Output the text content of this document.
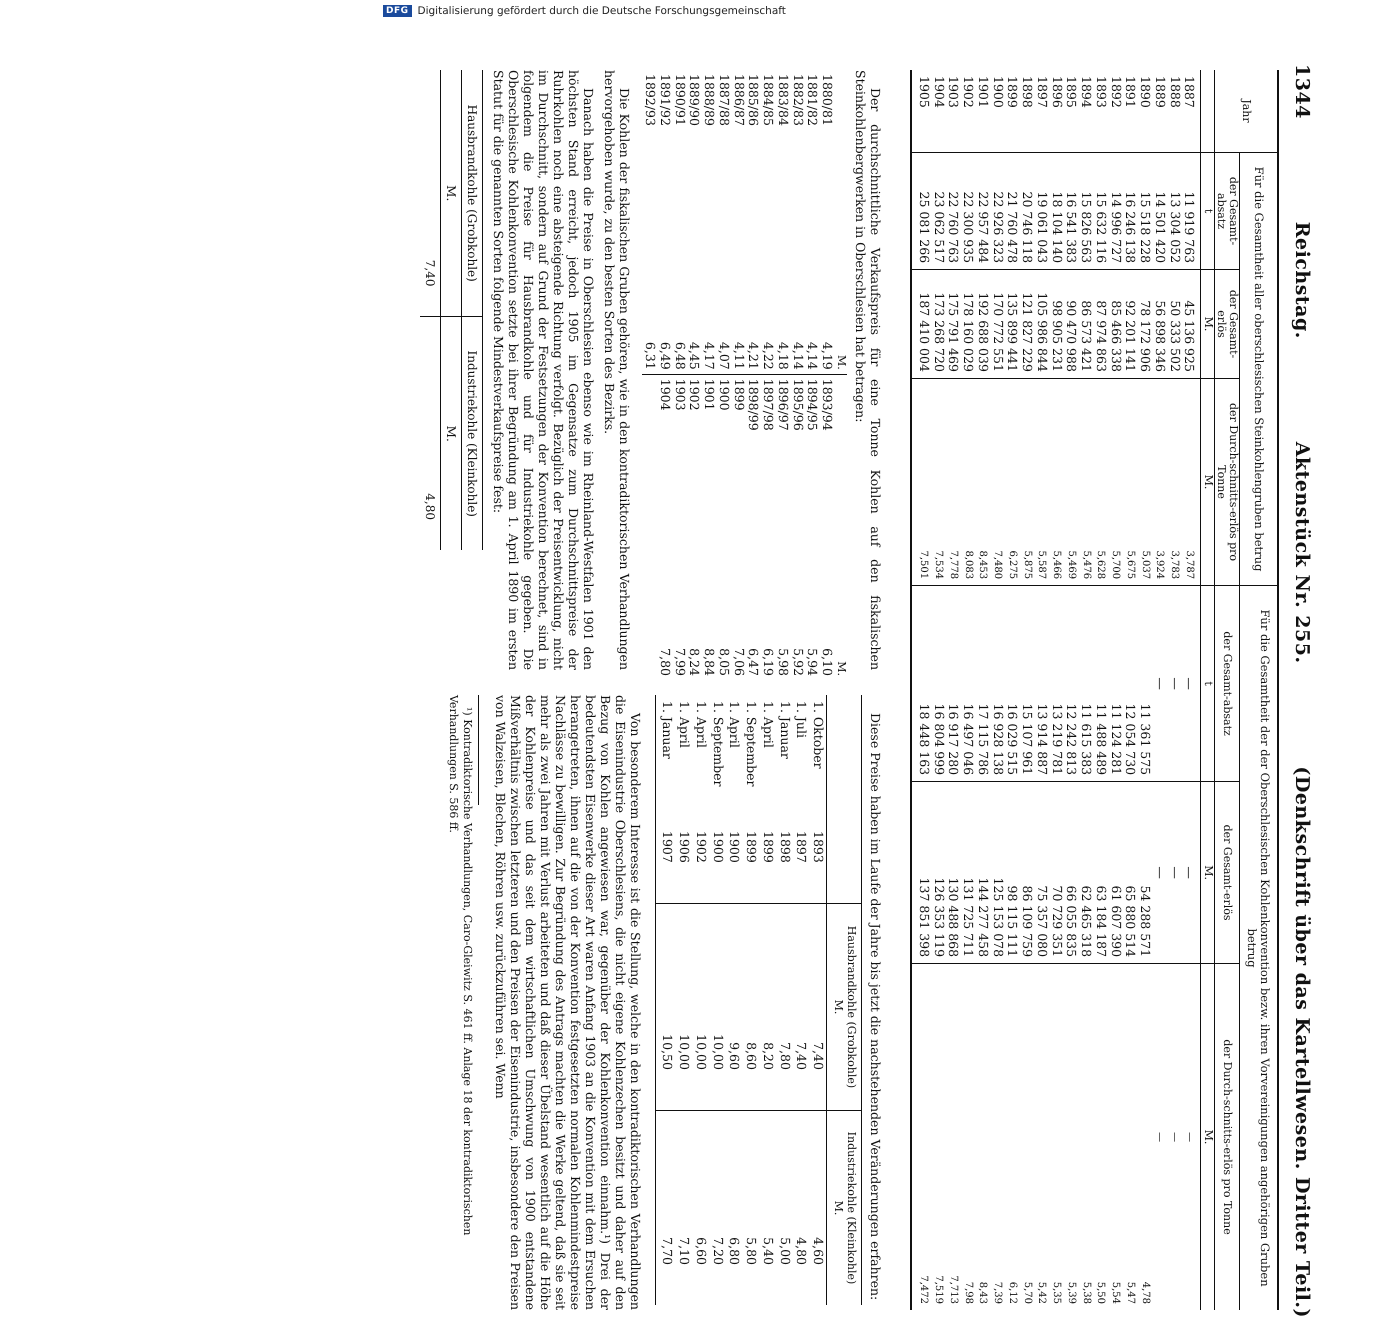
1344
Reichstag.
Aktenstück Nr. 255.
(Denkschrift über das Kartellwesen. Dritter Teil.)
Jahr	Für die Gesamtheit aller oberschlesischen Steinkohlengruben betrug			Für die Gesamtheit der der Oberschlesischen Kohlenkonvention bezw. ihren Vorvereinigungen angehörigen Gruben betrug		
	der Gesamt-absatz	der Gesamt-erlös	der Durch-schnitts-erlös pro Tonne	der Gesamt-absatz	der Gesamt-erlös	der Durch-schnitts-erlös pro Tonne
	t	M.	M.	t	M.	M.
1887	11 919 763	45 136 925	3,787	—	—	—
1888	13 304 052	50 333 502	3,783	—	—	—
1889	14 501 420	56 898 346	3,924	—	—	—
1890	15 518 228	78 172 906	5,037	11 361 575	54 288 571	4,78
1891	16 246 138	92 201 141	5,675	12 054 730	65 880 514	5,47
1892	14 996 727	85 466 338	5,700	11 124 281	61 607 390	5,54
1893	15 632 116	87 974 863	5,628	11 488 489	63 184 187	5,50
1894	15 826 563	86 573 421	5,476	11 615 383	62 465 318	5,38
1895	16 541 383	90 470 988	5,469	12 242 813	66 055 835	5,39
1896	18 104 140	98 905 231	5,466	13 219 781	70 729 351	5,35
1897	19 061 043	105 986 844	5,587	13 914 887	75 357 080	5,42
1898	20 746 118	121 827 229	5,875	15 107 961	86 109 759	5,70
1899	21 760 478	135 899 441	6,275	16 029 515	98 115 111	6,12
1900	22 926 323	170 772 551	7,480	16 928 138	125 153 078	7,39
1901	22 957 484	192 688 039	8,453	17 115 786	144 277 458	8,43
1902	22 300 935	178 160 029	8,083	16 497 046	131 725 711	7,98
1903	22 760 763	175 791 469	7,778	16 917 280	130 488 868	7,713
1904	23 062 517	173 268 720	7,534	16 804 999	126 353 119	7,519
1905	25 081 266	187 410 004	7,501	18 448 163	137 851 398	7,472

Der durchschnittliche Verkaufspreis für eine Tonne Kohlen auf den fiskalischen Steinkohlenbergwerken in Oberschlesien hat betragen:

	M.		M.
1880/81	4,19	1893/94	6,10
1881/82	4,14	1894/95	5,94
1882/83	4,14	1895/96	5,92
1883/84	4,18	1896/97	5,98
1884/85	4,22	1897/98	6,19
1885/86	4,21	1898/99	6,47
1886/87	4,11	1899	7,06
1887/88	4,07	1900	8,05
1888/89	4,17	1901	8,84
1889/90	4,45	1902	8,24
1890/91	6,48	1903	7,99
1891/92	6,49	1904	7,80
1892/93	6,31		

Die Kohlen der fiskalischen Gruben gehören, wie in den kontradiktorischen Verhandlungen hervorgehoben wurde, zu den besten Sorten des Bezirks.

Danach haben die Preise in Oberschlesien ebenso wie im Rheinland-Westfalen 1901 den höchsten Stand erreicht, jedoch 1905 im Gegensatze zum Durchschnittspreise der Ruhrkohlen noch eine absteigende Richtung verfolgt. Bezüglich der Preisentwicklung, nicht im Durchschnitt, sondern auf Grund der Festsetzungen der Konvention berechnet, sind in folgendem die Preise für Hausbrandkohle und für Industriekohle gegeben. Die Oberschlesische Kohlenkonvention setzte bei ihrer Begründung am 1. April 1890 im ersten Statut für die genannten Sorten folgende Mindestverkaufspreise fest:

Hausbrandkohle (Grobkohle)	Industriekohle (Kleinkohle)
M.	M.
7,40	4,80

Diese Preise haben im Laufe der Jahre bis jetzt die nachstehenden Veränderungen erfahren:

	Hausbrandkohle (Grobkohle)
M.	Industriekohle (Kleinkohle)
M.
1. Oktober1893	7,40	4,60
1. Juli1897	7,40	4,80
1. Januar1898	7,80	5,00
1. April1899	8,20	5,40
1. September1899	8,60	5,80
1. April1900	9,60	6,80
1. September1900	10,00	7,20
1. April1902	10,00	6,60
1. April1906	10,00	7,10
1. Januar1907	10,50	7,70

Von besonderem Interesse ist die Stellung, welche in den kontradiktorischen Verhandlungen die Eisenindustrie Oberschlesiens, die nicht eigene Kohlenzechen besitzt und daher auf den Bezug von Kohlen angewiesen war, gegenüber der Kohlenkonvention einnahm.¹) Drei der bedeutendsten Eisenwerke dieser Art waren Anfang 1903 an die Konvention mit dem Ersuchen herangetreten, ihnen auf die von der Konvention festgesetzten normalen Kohlenmindestpreise Nachlässe zu bewilligen. Zur Begründung des Antrags machten die Werke geltend, daß sie seit mehr als zwei Jahren mit Verlust arbeiteten und daß dieser Übelstand wesentlich auf die Höhe der Kohlenpreise und das seit dem wirtschaftlichen Umschwung von 1900 entstandene Mißverhältnis zwischen letzteren und den Preisen der Eisenindustrie, insbesondere den Preisen von Walzeisen, Blechen, Röhren usw. zurückzuführen sei. Wenn

¹) Kontradiktorische Verhandlungen, Caro-Gleiwitz S. 461 ff. Anlage 18 der kontradiktorischen Verhandlungen S. 586 ff.

DFG Digitalisierung gefördert durch die Deutsche Forschungsgemeinschaft
